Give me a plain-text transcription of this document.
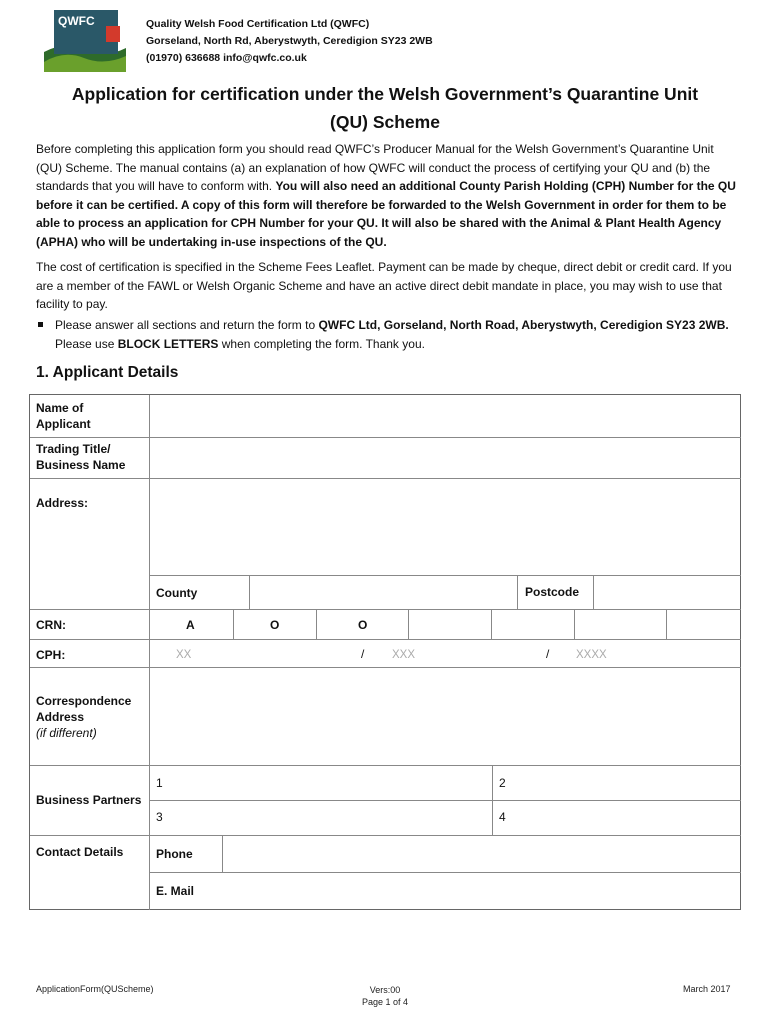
QWFC	Quality Welsh Food Certification Ltd (QWFC)
Gorseland, North Rd, Aberystwyth, Ceredigion SY23 2WB
(01970) 636688 info@qwfc.co.uk
Application for certification under the Welsh Government’s Quarantine Unit
(QU) Scheme
Before completing this application form you should read QWFC’s Producer Manual for the Welsh Government’s Quarantine Unit (QU) Scheme. The manual contains (a) an explanation of how QWFC will conduct the process of certifying your QU and (b) the standards that you will have to conform with. You will also need an additional County Parish Holding (CPH) Number for the QU before it can be certified. A copy of this form will therefore be forwarded to the Welsh Government in order for them to be able to process an application for CPH Number for your QU. It will also be shared with the Animal & Plant Health Agency (APHA) who will be undertaking in-use inspections of the QU.
The cost of certification is specified in the Scheme Fees Leaflet. Payment can be made by cheque, direct debit or credit card. If you are a member of the FAWL or Welsh Organic Scheme and have an active direct debit mandate in place, you may wish to use that facility to pay.
Please answer all sections and return the form to QWFC Ltd, Gorseland, North Road, Aberystwyth, Ceredigion SY23 2WB. Please use BLOCK LETTERS when completing the form. Thank you.
1. Applicant Details
Name of
Applicant
Trading Title/
Business Name
Address:
County	Postcode
CRN:	A	O	O
CPH:	XX	/ XXX	/ XXXX
Correspondence
Address
(if different)
Business Partners
1	2
3	4
Contact Details	Phone
E. Mail
ApplicationForm(QUScheme)	Vers:00
Page 1 of 4
March 2017
